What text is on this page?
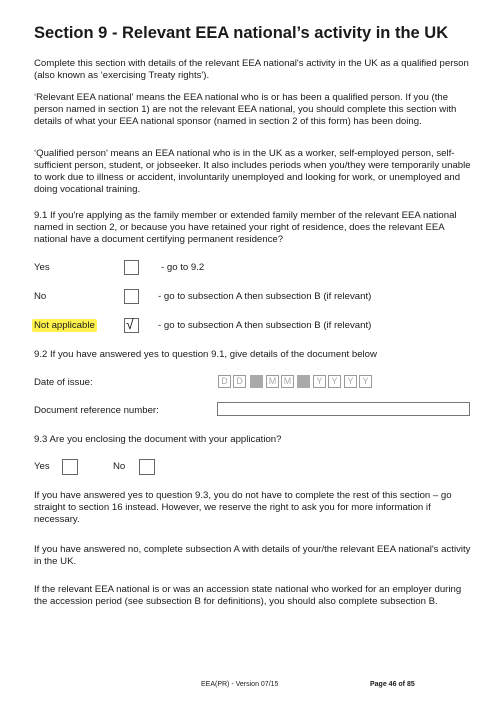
Section 9 - Relevant EEA national’s activity in the UK
Complete this section with details of the relevant EEA national's activity in the UK as a qualified person (also known as ‘exercising Treaty rights').
‘Relevant EEA national' means the EEA national who is or has been a qualified person. If you (the person named in section 1) are not the relevant EEA national, you should complete this section with details of what your EEA national sponsor (named in section 2 of this form) has been doing.
‘Qualified person' means an EEA national who is in the UK as a worker, self-employed person, self-sufficient person, student, or jobseeker. It also includes periods when you/they were temporarily unable to work due to illness or accident, involuntarily unemployed and looking for work, or unemployed and doing vocational training.
9.1 If you're applying as the family member or extended family member of the relevant EEA national named in section 2, or because you have retained your right of residence, does the relevant EEA national have a document certifying permanent residence?
Yes	- go to 9.2
No	- go to subsection A then subsection B (if relevant)
Not applicable √	- go to subsection A then subsection B (if relevant)
9.2 If you have answered yes to question 9.1, give details of the document below
Date of issue:	D D	M M	Y Y	Y Y
Document reference number:
9.3 Are you enclosing the document with your application?
Yes	No
If you have answered yes to question 9.3, you do not have to complete the rest of this section – go straight to section 16 instead. However, we reserve the right to ask you for more information if necessary.
If you have answered no, complete subsection A with details of your/the relevant EEA national's activity in the UK.
If the relevant EEA national is or was an accession state national who worked for an employer during the accession period (see subsection B for definitions), you should also complete subsection B.
EEA(PR) - Version 07/15	Page 46 of 85
